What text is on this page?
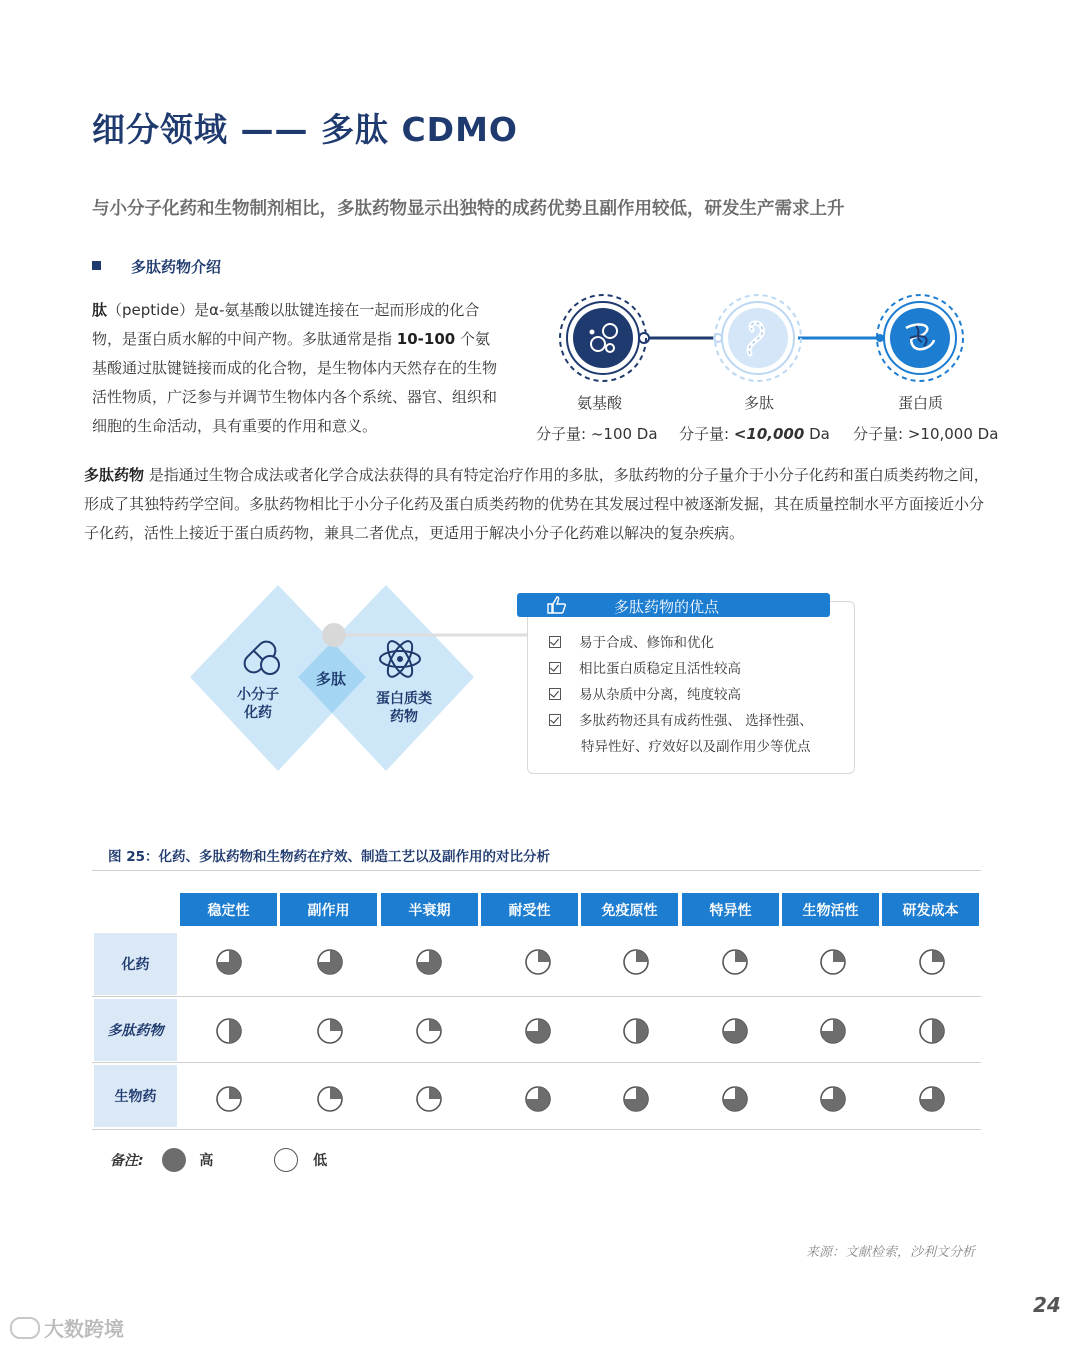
细分领域 —— 多肽 CDMO
与小分子化药和生物制剂相比，多肽药物显示出独特的成药优势且副作用较低，研发生产需求上升
多肽药物介绍
肽（peptide）是α-氨基酸以肽键连接在一起而形成的化合物，是蛋白质水解的中间产物。多肽通常是指 10-100 个氨基酸通过肽键链接而成的化合物，是生物体内天然存在的生物活性物质，广泛参与并调节生物体内各个系统、器官、组织和细胞的生命活动，具有重要的作用和意义。
氨基酸	多肽	蛋白质
分子量: ~100 Da 分子量: <10,000 Da 分子量: >10,000 Da
多肽药物 是指通过生物合成法或者化学合成法获得的具有特定治疗作用的多肽，多肽药物的分子量介于小分子化药和蛋白质类药物之间，形成了其独特药学空间。多肽药物相比于小分子化药及蛋白质类药物的优势在其发展过程中被逐渐发掘，其在质量控制水平方面接近小分子化药，活性上接近于蛋白质药物，兼具二者优点，更适用于解决小分子化药难以解决的复杂疾病。
小分子
化药
多肽
蛋白质类
药物
多肽药物的优点
易于合成、修饰和优化
相比蛋白质稳定且活性较高
易从杂质中分离，纯度较高
多肽药物还具有成药性强、 选择性强、
特异性好、疗效好以及副作用少等优点
图 25：化药、多肽药物和生物药在疗效、制造工艺以及副作用的对比分析
稳定性	副作用	半衰期	耐受性	免疫原性	特异性	生物活性	研发成本
化药
多肽药物
生物药
备注:	高	低
来源：文献检索，沙利文分析
24
大数跨境
